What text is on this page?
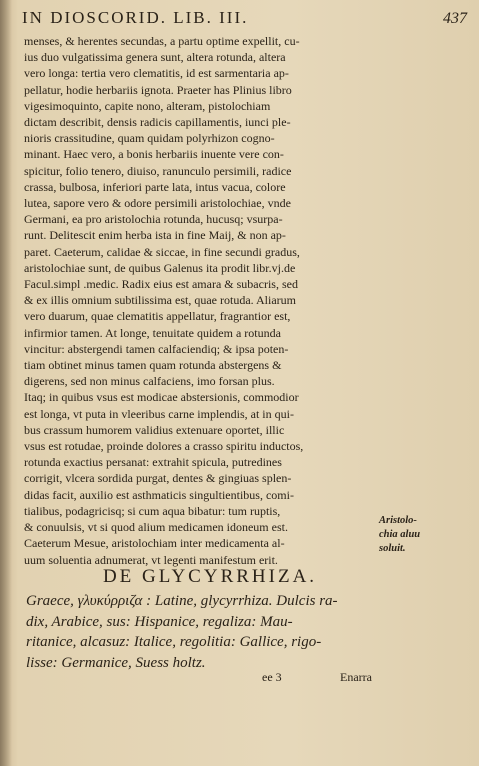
IN DIOSCORID. LIB. III.	437
menses, & herentes secundas, a partu optime expellit, cu-
ius duo vulgatissima genera sunt, altera rotunda, altera
vero longa: tertia vero clematitis, id est sarmentaria ap-
pellatur, hodie herbariis ignota. Praeter has Plinius libro
vigesimoquinto, capite nono, alteram, pistolochiam
dictam describit, densis radicis capillamentis, iunci ple-
nioris crassitudine, quam quidam polyrhizon cogno-
minant. Haec vero, a bonis herbariis inuente vere con-
spicitur, folio tenero, diuiso, ranunculo persimili, radice
crassa, bulbosa, inferiori parte lata, intus vacua, colore
lutea, sapore vero & odore persimili aristolochiae, vnde
Germani, ea pro aristolochia rotunda, hucusq; vsurpa-
runt. Delitescit enim herba ista in fine Maij, & non ap-
paret. Caeterum, calidae & siccae, in fine secundi gradus,
aristolochiae sunt, de quibus Galenus ita prodit libr.vj.de
Facul.simpl .medic. Radix eius est amara & subacris, sed
& ex illis omnium subtilissima est, quae rotuda. Aliarum
vero duarum, quae clematitis appellatur, fragrantior est,
infirmior tamen. At longe, tenuitate quidem a rotunda
vincitur: abstergendi tamen calfaciendiq; & ipsa poten-
tiam obtinet minus tamen quam rotunda abstergens &
digerens, sed non minus calfaciens, imo forsan plus.
Itaq; in quibus vsus est modicae abstersionis, commodior
est longa, vt puta in vleeribus carne implendis, at in qui-
bus crassum humorem validius extenuare oportet, illic
vsus est rotudae, proinde dolores a crasso spiritu inductos,
rotunda exactius persanat: extrahit spicula, putredines
corrigit, vlcera sordida purgat, dentes & gingiuas splen-
didas facit, auxilio est asthmaticis singultientibus, comi-
tialibus, podagricisq; si cum aqua bibatur: tum ruptis,
& conuulsis, vt si quod alium medicamen idoneum est.
Caeterum Mesue, aristolochiam inter medicamenta al-
uum soluentia adnumerat, vt legenti manifestum erit.
Aristolo-
chia aluu
soluit.
DE GLYCYRRHIZA.
Graece, γλυκύρριζα : Latine, glycyrrhiza. Dulcis ra-
dix, Arabice, sus: Hispanice, regaliza: Mau-
ritanice, alcasuz: Italice, regolitia: Gallice, rigo-
lisse: Germanice, Suess holtz.
ee 3	Enarra
